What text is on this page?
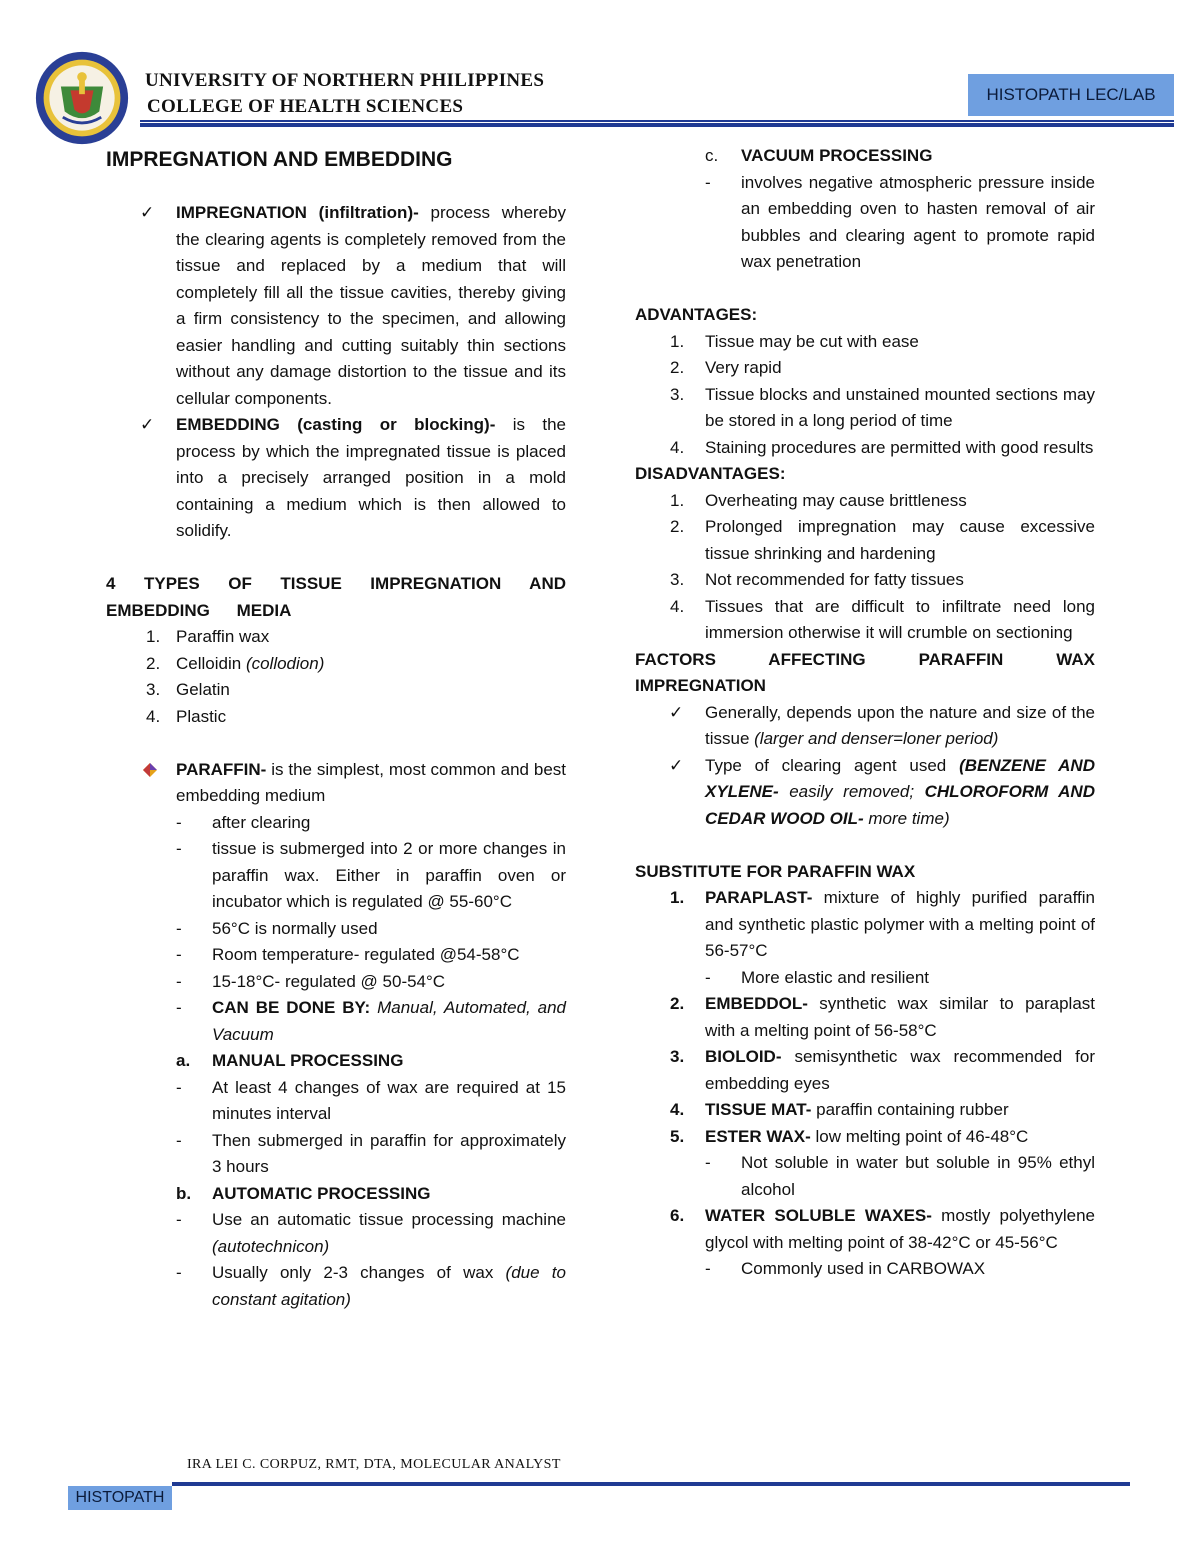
UNIVERSITY OF NORTHERN PHILIPPINES
COLLEGE OF HEALTH SCIENCES
HISTOPATH LEC/LAB

IMPREGNATION AND EMBEDDING

✓	IMPREGNATION (infiltration)- process whereby the clearing agents is completely removed from the tissue and replaced by a medium that will completely fill all the tissue cavities, thereby giving a firm consistency to the specimen, and allowing easier handling and cutting suitably thin sections without any damage distortion to the tissue and its cellular components.
✓	EMBEDDING (casting or blocking)- is the process by which the impregnated tissue is placed into a precisely arranged position in a mold containing a medium which is then allowed to solidify.

4 TYPES OF TISSUE IMPREGNATION AND EMBEDDING MEDIA

1. Paraffin wax
2. Celloidin (collodion)
3. Gelatin
4. Plastic
PARAFFIN- is the simplest, most common and best embedding medium
- after clearing
- tissue is submerged into 2 or more changes in paraffin wax. Either in paraffin oven or incubator which is regulated @ 55-60°C
- 56°C is normally used
- Room temperature- regulated @54-58°C
- 15-18°C- regulated @ 50-54°C
- CAN BE DONE BY: Manual, Automated, and Vacuum
a. MANUAL PROCESSING
- At least 4 changes of wax are required at 15 minutes interval
- Then submerged in paraffin for approximately 3 hours
b. AUTOMATIC PROCESSING
- Use an automatic tissue processing machine (autotechnicon)
- Usually only 2-3 changes of wax (due to constant agitation)
c. VACUUM PROCESSING
- involves negative atmospheric pressure inside an embedding oven to hasten removal of air bubbles and clearing agent to promote rapid wax penetration

ADVANTAGES:

1.	Tissue may be cut with ease
2.	Very rapid
3.	Tissue blocks and unstained mounted sections may be stored in a long period of time
4.	Staining procedures are permitted with good results

DISADVANTAGES:

1.	Overheating may cause brittleness
2.	Prolonged impregnation may cause excessive tissue shrinking and hardening
3.	Not recommended for fatty tissues
4.	Tissues that are difficult to infiltrate need long immersion otherwise it will crumble on sectioning

FACTORS AFFECTING PARAFFIN WAX IMPREGNATION

✓ Generally, depends upon the nature and size of the tissue (larger and denser=loner period)
✓ Type of clearing agent used (BENZENE AND XYLENE- easily removed; CHLOROFORM AND CEDAR WOOD OIL- more time)

SUBSTITUTE FOR PARAFFIN WAX

1.	PARAPLAST- mixture of highly purified paraffin and synthetic plastic polymer with a melting point of 56-57°C
- More elastic and resilient
2.	EMBEDDOL- synthetic wax similar to paraplast with a melting point of 56-58°C
3.	BIOLOID- semisynthetic wax recommended for embedding eyes
4.	TISSUE MAT- paraffin containing rubber
5.	ESTER WAX- low melting point of 46-48°C
- Not soluble in water but soluble in 95% ethyl alcohol
6.	WATER SOLUBLE WAXES- mostly polyethylene glycol with melting point of 38-42°C or 45-56°C
- Commonly used in CARBOWAX
IRA LEI C. CORPUZ, RMT, DTA, MOLECULAR ANALYST
HISTOPATH
